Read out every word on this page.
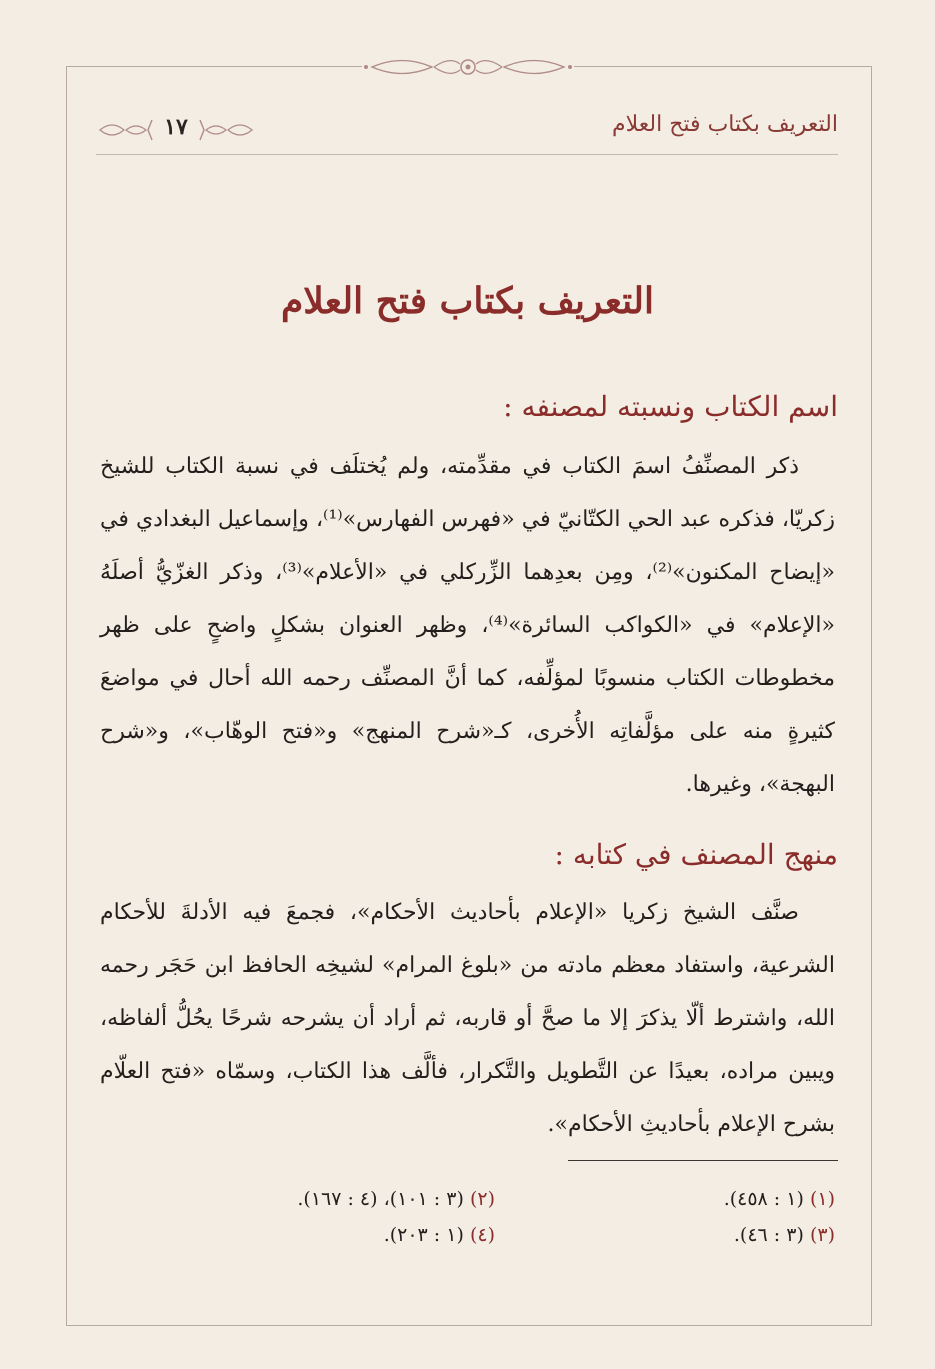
التعريف بكتاب فتح العلام
١٧
التعريف بكتاب فتح العلام
اسم الكتاب ونسبته لمصنفه :

ذكر المصنِّفُ اسمَ الكتاب في مقدِّمته، ولم يُختلَف في نسبة الكتاب للشيخ زكريّا، فذكره عبد الحي الكتّانيّ في «فهرس الفهارس»⁽¹⁾، وإسماعيل البغدادي في «إيضاح المكنون»⁽²⁾، ومِن بعدِهما الزِّركلي في «الأعلام»⁽³⁾، وذكر الغزّيُّ أصلَهُ «الإعلام» في «الكواكب السائرة»⁽⁴⁾، وظهر العنوان بشكلٍ واضحٍ على ظهر مخطوطات الكتاب منسوبًا لمؤلِّفه، كما أنَّ المصنِّف رحمه الله أحال في مواضعَ كثيرةٍ منه على مؤلَّفاتِه الأُخرى، كـ«شرح المنهج» و«فتح الوهّاب»، و«شرح البهجة»، وغيرها.

منهج المصنف في كتابه :

صنَّف الشيخ زكريا «الإعلام بأحاديث الأحكام»، فجمعَ فيه الأدلةَ للأحكام الشرعية، واستفاد معظم مادته من «بلوغ المرام» لشيخِه الحافظ ابن حَجَر رحمه الله، واشترط ألّا يذكرَ إلا ما صحَّ أو قاربه، ثم أراد أن يشرحه شرحًا يحُلُّ ألفاظه، ويبين مراده، بعيدًا عن التَّطويل والتَّكرار، فألَّف هذا الكتاب، وسمّاه «فتح العلّام بشرح الإعلام بأحاديثِ الأحكام».

(١) (١ : ٤٥٨).
(٢) (٣ : ١٠١)، (٤ : ١٦٧).
(٣) (٣ : ٤٦).
(٤) (١ : ٢٠٣).
